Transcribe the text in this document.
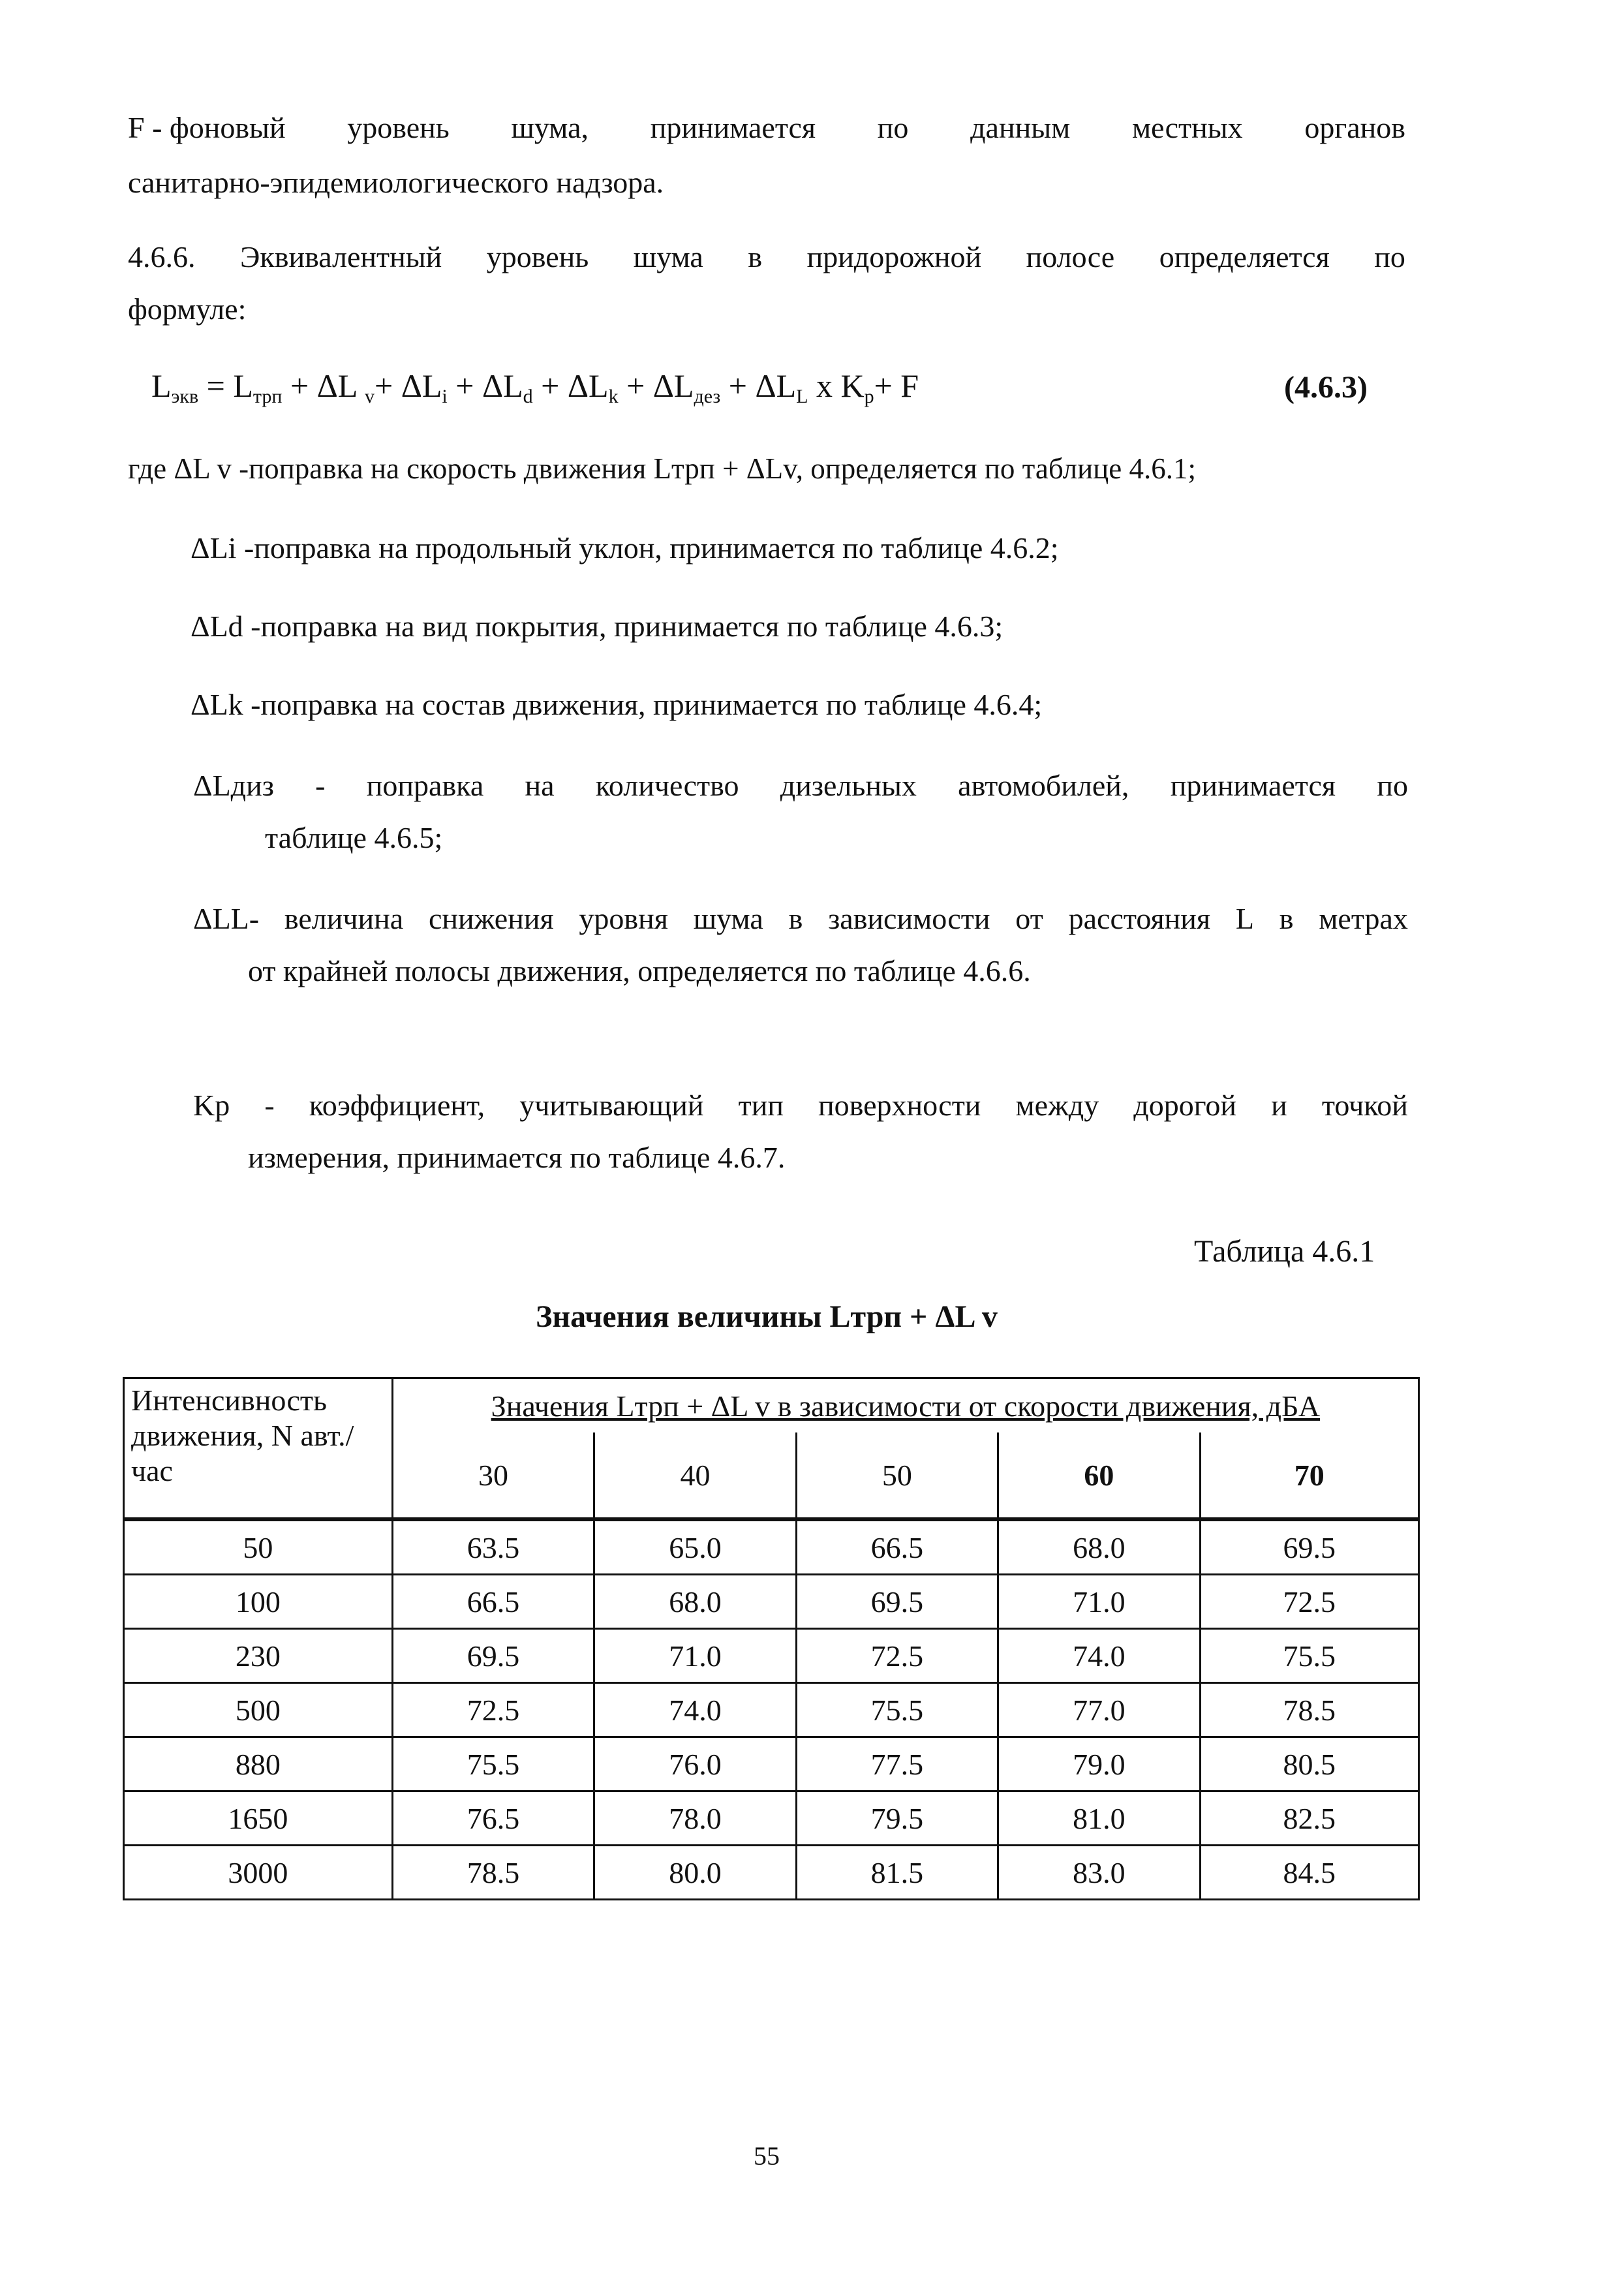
F - фоновый уровень шума, принимается по данным местных органов
санитарно-эпидемиологического надзора.
4.6.6. Эквивалентный уровень шума в придорожной полосе определяется по
формуле:
$L_{экв} = L_{трп} + \Delta L$ $_v+ \Delta L_i + \Delta L_d + \Delta L_k + \Delta L_{дез} + \Delta L_L$ x $K_p+ F$	(4.6.3)
где ΔL v -поправка на скорость движения Lтрп + ΔLv, определяется по таблице 4.6.1;
ΔLi -поправка на продольный уклон, принимается по таблице 4.6.2;
ΔLd -поправка на вид покрытия, принимается по таблице 4.6.3;
ΔLk -поправка на состав движения, принимается по таблице 4.6.4;
ΔLдиз - поправка на количество дизельных автомобилей, принимается по
таблице 4.6.5;
ΔLL- величина снижения уровня шума в зависимости от расстояния L в метрах
от крайней полосы движения, определяется по таблице 4.6.6.
Kp - коэффициент, учитывающий тип поверхности между дорогой и точкой
измерения, принимается по таблице 4.6.7.
Таблица 4.6.1
Значения величины Lтрп + ΔL v
Интенсивность движения, N авт./час	Значения Lтрп + ΔL v в зависимости от скорости движения, дБА				
	30	40	50	60	70
50	63.5	65.0	66.5	68.0	69.5
100	66.5	68.0	69.5	71.0	72.5
230	69.5	71.0	72.5	74.0	75.5
500	72.5	74.0	75.5	77.0	78.5
880	75.5	76.0	77.5	79.0	80.5
1650	76.5	78.0	79.5	81.0	82.5
3000	78.5	80.0	81.5	83.0	84.5
55
